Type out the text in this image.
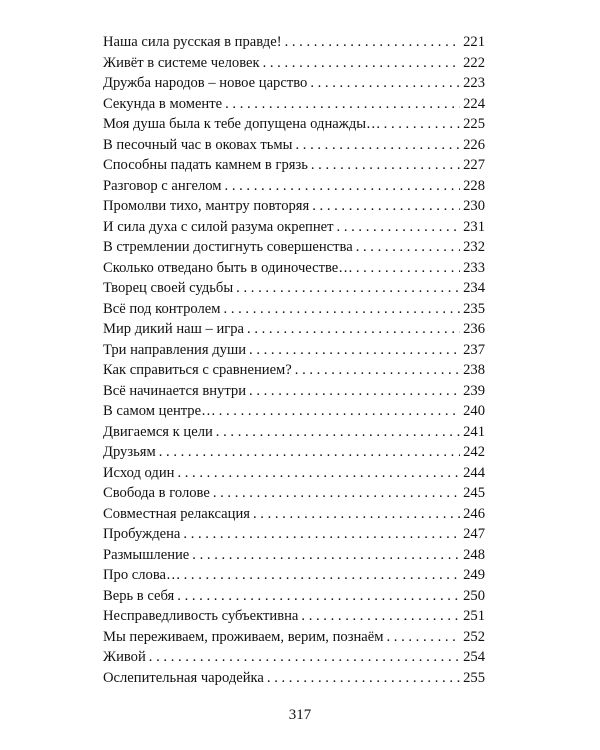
Наша сила русская в правде! . . .	221
Живёт в системе человек . . .	222
Дружба народов – новое царство . . .	223
Секунда в моменте . . .	224
Моя душа была к тебе допущена однажды… . . .	225
В песочный час в оковах тьмы . . .	226
Способны падать камнем в грязь . . .	227
Разговор с ангелом . . .	228
Промолви тихо, мантру повторяя . . .	230
И сила духа с силой разума окрепнет . . .	231
В стремлении достигнуть совершенства . . .	232
Сколько отведано быть в одиночестве… . . .	233
Творец своей судьбы . . .	234
Всё под контролем . . .	235
Мир дикий наш – игра . . .	236
Три направления души . . .	237
Как справиться с сравнением? . . .	238
Всё начинается внутри . . .	239
В самом центре… . . .	240
Двигаемся к цели . . .	241
Друзьям . . .	242
Исход один . . .	244
Свобода в голове . . .	245
Совместная релаксация . . .	246
Пробуждена . . .	247
Размышление . . .	248
Про слова… . . .	249
Верь в себя . . .	250
Несправедливость субъективна . . .	251
Мы переживаем, проживаем, верим, познаём . . .	252
Живой . . .	254
Ослепительная чародейка . . .	255
317
